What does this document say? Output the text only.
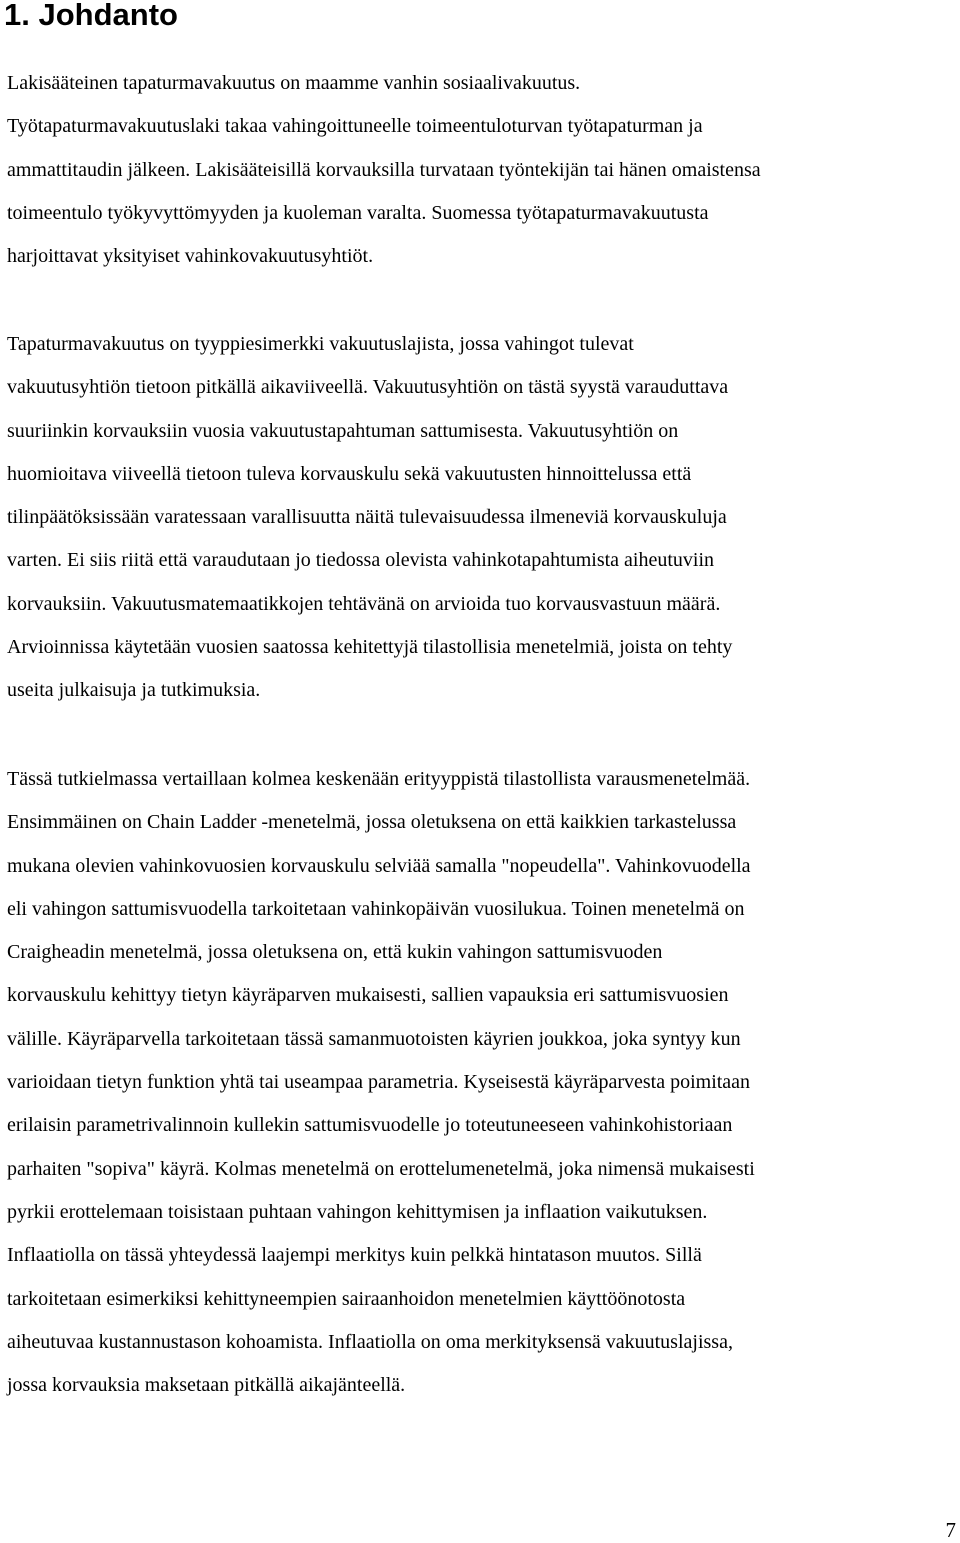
1. Johdanto
Lakisääteinen tapaturmavakuutus on maamme vanhin sosiaalivakuutus.
Työtapaturmavakuutuslaki takaa vahingoittuneelle toimeentuloturvan työtapaturman ja
ammattitaudin jälkeen. Lakisääteisillä korvauksilla turvataan työntekijän tai hänen omaistensa
toimeentulo työkyvyttömyyden ja kuoleman varalta. Suomessa työtapaturmavakuutusta
harjoittavat yksityiset vahinkovakuutusyhtiöt.
Tapaturmavakuutus on tyyppiesimerkki vakuutuslajista, jossa vahingot tulevat
vakuutusyhtiön tietoon pitkällä aikaviiveellä. Vakuutusyhtiön on tästä syystä varauduttava
suuriinkin korvauksiin vuosia vakuutustapahtuman sattumisesta. Vakuutusyhtiön on
huomioitava viiveellä tietoon tuleva korvauskulu sekä vakuutusten hinnoittelussa että
tilinpäätöksissään varatessaan varallisuutta näitä tulevaisuudessa ilmeneviä korvauskuluja
varten. Ei siis riitä että varaudutaan jo tiedossa olevista vahinkotapahtumista aiheutuviin
korvauksiin. Vakuutusmatemaatikkojen tehtävänä on arvioida tuo korvausvastuun määrä.
Arvioinnissa käytetään vuosien saatossa kehitettyjä tilastollisia menetelmiä, joista on tehty
useita julkaisuja ja tutkimuksia.
Tässä tutkielmassa vertaillaan kolmea keskenään erityyppistä tilastollista varausmenetelmää.
Ensimmäinen on Chain Ladder -menetelmä, jossa oletuksena on että kaikkien tarkastelussa
mukana olevien vahinkovuosien korvauskulu selviää samalla "nopeudella". Vahinkovuodella
eli vahingon sattumisvuodella tarkoitetaan vahinkopäivän vuosilukua. Toinen menetelmä on
Craigheadin menetelmä, jossa oletuksena on, että kukin vahingon sattumisvuoden
korvauskulu kehittyy tietyn käyräparven mukaisesti, sallien vapauksia eri sattumisvuosien
välille. Käyräparvella tarkoitetaan tässä samanmuotoisten käyrien joukkoa, joka syntyy kun
varioidaan tietyn funktion yhtä tai useampaa parametria. Kyseisestä käyräparvesta poimitaan
erilaisin parametrivalinnoin kullekin sattumisvuodelle jo toteutuneeseen vahinkohistoriaan
parhaiten "sopiva" käyrä. Kolmas menetelmä on erottelumenetelmä, joka nimensä mukaisesti
pyrkii erottelemaan toisistaan puhtaan vahingon kehittymisen ja inflaation vaikutuksen.
Inflaatiolla on tässä yhteydessä laajempi merkitys kuin pelkkä hintatason muutos. Sillä
tarkoitetaan esimerkiksi kehittyneempien sairaanhoidon menetelmien käyttöönotosta
aiheutuvaa kustannustason kohoamista. Inflaatiolla on oma merkityksensä vakuutuslajissa,
jossa korvauksia maksetaan pitkällä aikajänteellä.
7
